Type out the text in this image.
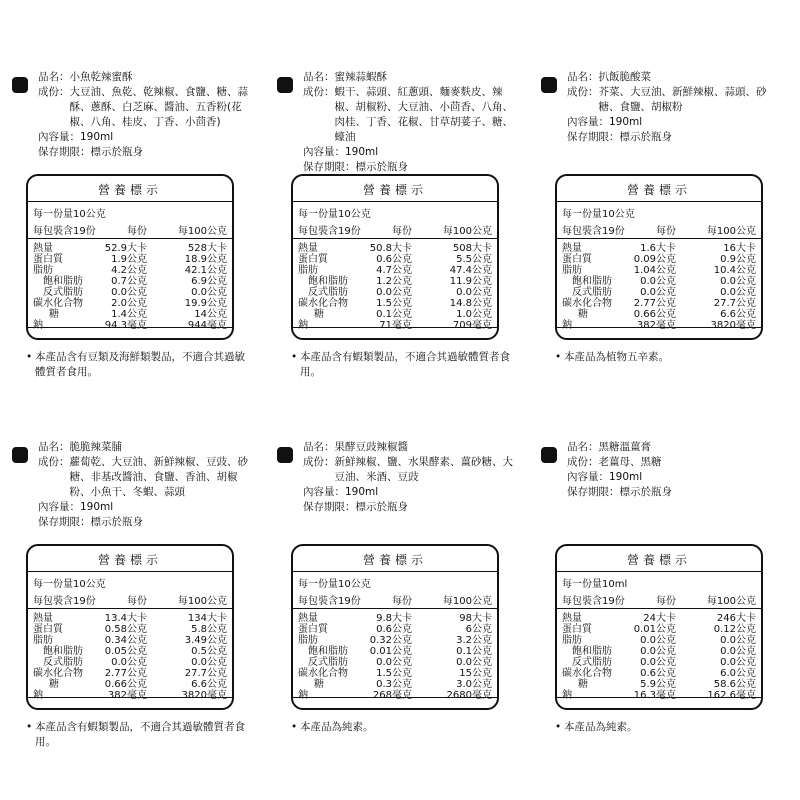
品名：小魚乾辣蜜酥
成份： 大豆油、魚乾、乾辣椒、食鹽、糖、蒜酥、蔥酥、白芝麻、醬油、五香粉(花椒、八角、桂皮、丁香、小茴香)
內容量：190ml
保存期限：標示於瓶身
營養標示
每一份量10公克
每包裝含19份	每份	每100公克
熱量	52.9大卡	528大卡
蛋白質	1.9公克	18.9公克
脂肪	4.2公克	42.1公克
飽和脂肪	0.7公克	6.9公克
反式脂肪	0.0公克	0.0公克
碳水化合物	2.0公克	19.9公克
糖	1.4公克	14公克
鈉	94.3毫克	944毫克
• 本產品含有豆類及海鮮類製品，不適合其過敏體質者食用。
品名：蜜辣蒜蝦酥
成份： 蝦干、蒜頭、紅蔥頭、麵麥麩皮、辣椒、胡椒粉、大豆油、小茴香、八角、肉桂、丁香、花椒、甘草胡荽子、糖、蠔油
內容量：190ml
保存期限：標示於瓶身
營養標示
每一份量10公克
每包裝含19份	每份	每100公克
熱量	50.8大卡	508大卡
蛋白質	0.6公克	5.5公克
脂肪	4.7公克	47.4公克
飽和脂肪	1.2公克	11.9公克
反式脂肪	0.0公克	0.0公克
碳水化合物	1.5公克	14.8公克
糖	0.1公克	1.0公克
鈉	71毫克	709毫克
• 本產品含有蝦類製品，不適合其過敏體質者食用。
品名：扒飯脆酸菜
成份： 芥菜、大豆油、新鮮辣椒、蒜頭、砂糖、食鹽、胡椒粉
內容量：190ml
保存期限：標示於瓶身
營養標示
每一份量10公克
每包裝含19份	每份	每100公克
熱量	1.6大卡	16大卡
蛋白質	0.09公克	0.9公克
脂肪	1.04公克	10.4公克
飽和脂肪	0.0公克	0.0公克
反式脂肪	0.0公克	0.0公克
碳水化合物 2.77公克	27.7公克
糖	0.66公克	6.6公克
鈉	382毫克	3820毫克
• 本產品為植物五辛素。
品名：脆脆辣菜脯
成份： 蘿蔔乾、大豆油、新鮮辣椒、豆豉、砂糖、非基改醬油、食鹽、香油、胡椒粉、小魚干、冬蝦、蒜頭
內容量：190ml
保存期限：標示於瓶身
營養標示
每一份量10公克
每包裝含19份	每份	每100公克
熱量	13.4大卡	134大卡
蛋白質	0.58公克	5.8公克
脂肪	0.34公克	3.49公克
飽和脂肪 0.05公克	0.5公克
反式脂肪	0.0公克	0.0公克
碳水化合物 2.77公克	27.7公克
糖	0.66公克	6.6公克
鈉	382毫克	3820毫克
• 本產品含有蝦類製品，不適合其過敏體質者食用。
品名：果酵豆豉辣椒醬
成份： 新鮮辣椒、鹽、水果酵素、薑砂糖、大豆油、米酒、豆豉
內容量：190ml
保存期限：標示於瓶身
營養標示
每一份量10公克
每包裝含19份	每份	每100公克
熱量	9.8大卡	98大卡
蛋白質	0.6公克	6公克
脂肪	0.32公克	3.2公克
飽和脂肪 0.01公克	0.1公克
反式脂肪	0.0公克	0.0公克
碳水化合物	1.5公克	15公克
糖	0.3公克	3.0公克
鈉	268毫克	2680毫克
• 本產品為純素。
品名：黑糖溫薑膏
成份： 老薑母、黑糖
內容量：190ml
保存期限：標示於瓶身
營養標示
每一份量10ml
每包裝含19份	每份	每100公克
熱量	24大卡	246大卡
蛋白質	0.01公克	0.12公克
脂肪	0.0公克	0.0公克
飽和脂肪	0.0公克	0.0公克
反式脂肪	0.0公克	0.0公克
碳水化合物	0.6公克	6.0公克
糖	5.9公克	58.6公克
鈉	16.3毫克	162.6毫克
• 本產品為純素。
